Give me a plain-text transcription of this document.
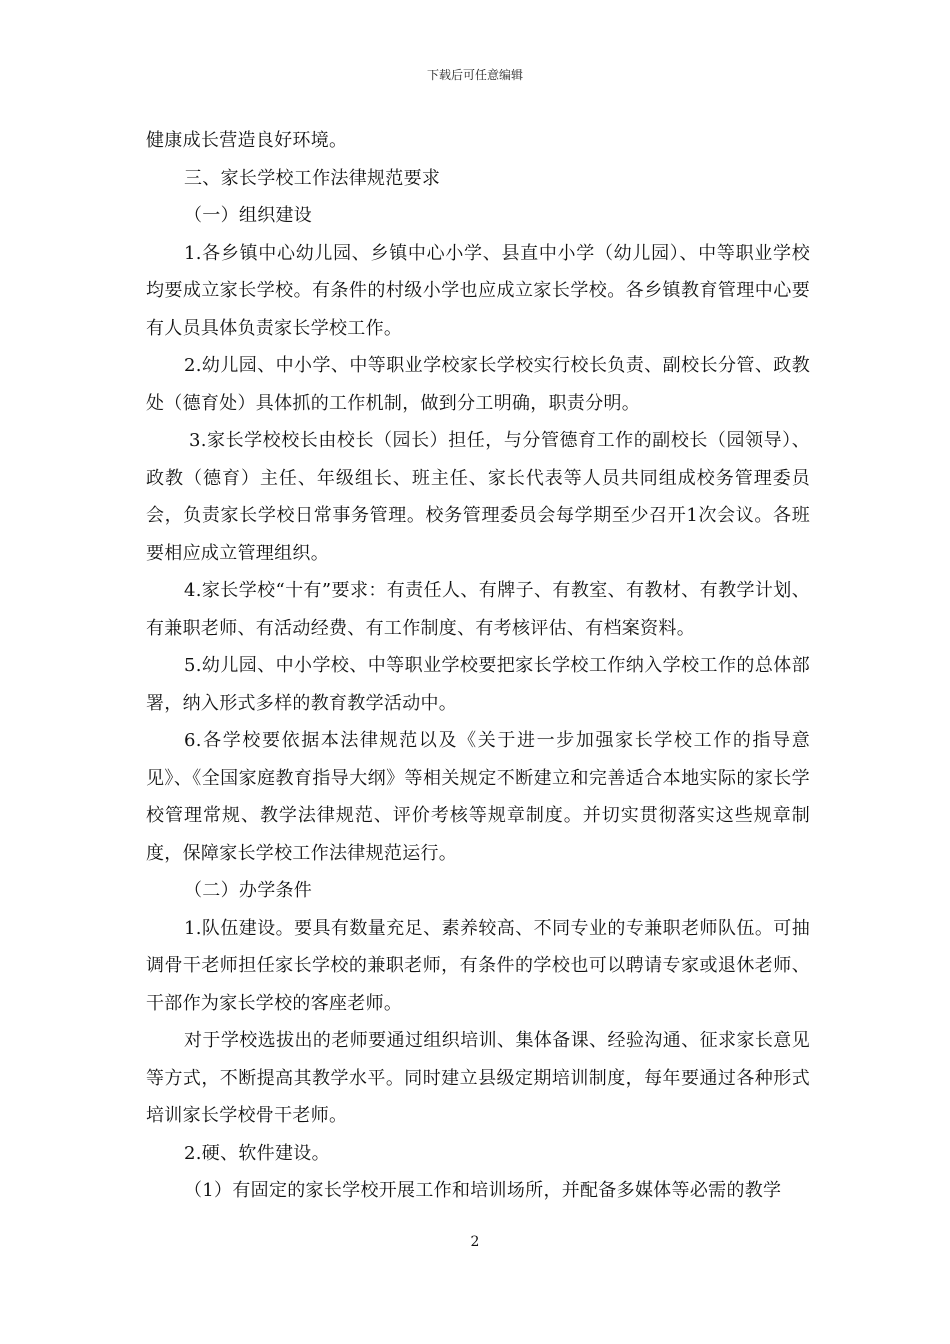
下载后可任意编辑

健康成长营造良好环境。

三、家长学校工作法律规范要求

（一）组织建设

1.各乡镇中心幼儿园、乡镇中心小学、县直中小学（幼儿园）、中等职业学校均要成立家长学校。有条件的村级小学也应成立家长学校。各乡镇教育管理中心要有人员具体负责家长学校工作。

2.幼儿园、中小学、中等职业学校家长学校实行校长负责、副校长分管、政教处（德育处）具体抓的工作机制，做到分工明确，职责分明。

3.家长学校校长由校长（园长）担任，与分管德育工作的副校长（园领导）、政教（德育）主任、年级组长、班主任、家长代表等人员共同组成校务管理委员会，负责家长学校日常事务管理。校务管理委员会每学期至少召开1次会议。各班要相应成立管理组织。

4.家长学校“十有”要求：有责任人、有牌子、有教室、有教材、有教学计划、有兼职老师、有活动经费、有工作制度、有考核评估、有档案资料。

5.幼儿园、中小学校、中等职业学校要把家长学校工作纳入学校工作的总体部署，纳入形式多样的教育教学活动中。

6.各学校要依据本法律规范以及《关于进一步加强家长学校工作的指导意见》、《全国家庭教育指导大纲》等相关规定不断建立和完善适合本地实际的家长学校管理常规、教学法律规范、评价考核等规章制度。并切实贯彻落实这些规章制度，保障家长学校工作法律规范运行。

（二）办学条件

1.队伍建设。要具有数量充足、素养较高、不同专业的专兼职老师队伍。可抽调骨干老师担任家长学校的兼职老师，有条件的学校也可以聘请专家或退休老师、干部作为家长学校的客座老师。

对于学校选拔出的老师要通过组织培训、集体备课、经验沟通、征求家长意见等方式，不断提高其教学水平。同时建立县级定期培训制度，每年要通过各种形式培训家长学校骨干老师。

2.硬、软件建设。

（1）有固定的家长学校开展工作和培训场所，并配备多媒体等必需的教学

2
